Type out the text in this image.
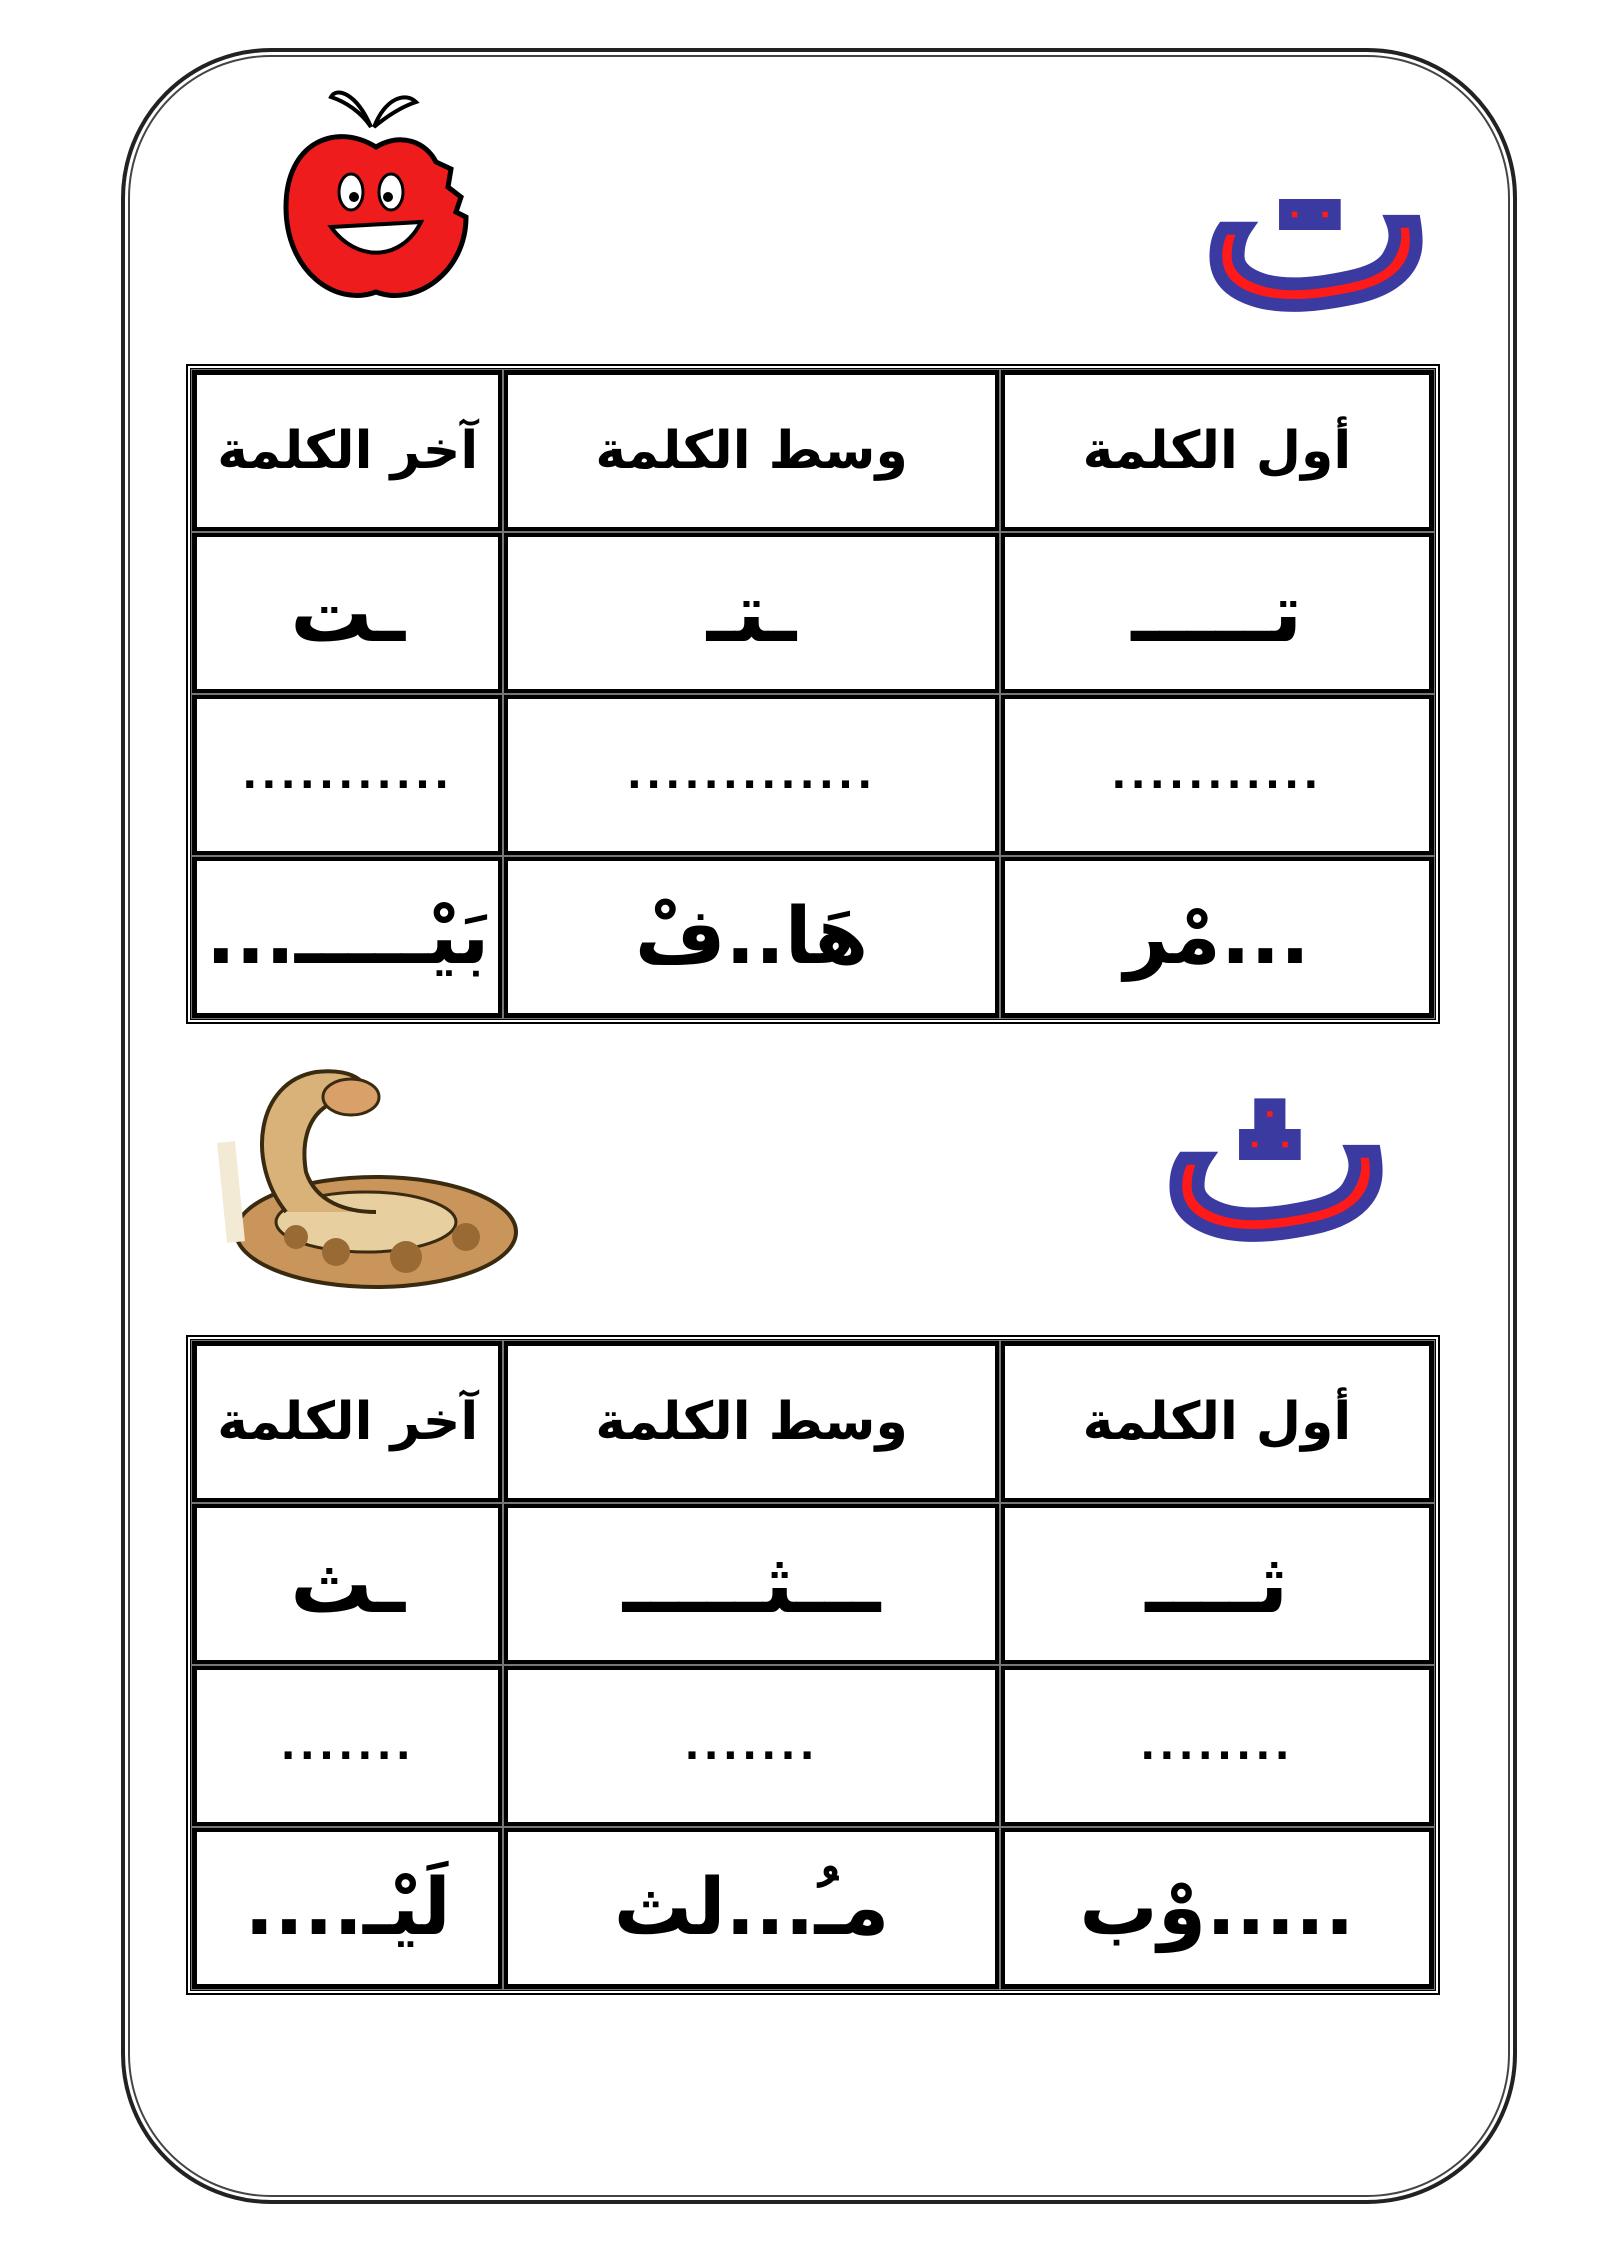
ت
أول الكلمة	وسط الكلمة	آخر الكلمة
تـــــ	ـتـ	ـت
...........	.............	...........
...مْر	هَا..فْ	بَيْـــــ...
ث
أول الكلمة	وسط الكلمة	آخر الكلمة
ثــــ	ـــثـــــ	ـث
........	.......	.......
.....وْب	مـُ...لث	لَيْـ....
